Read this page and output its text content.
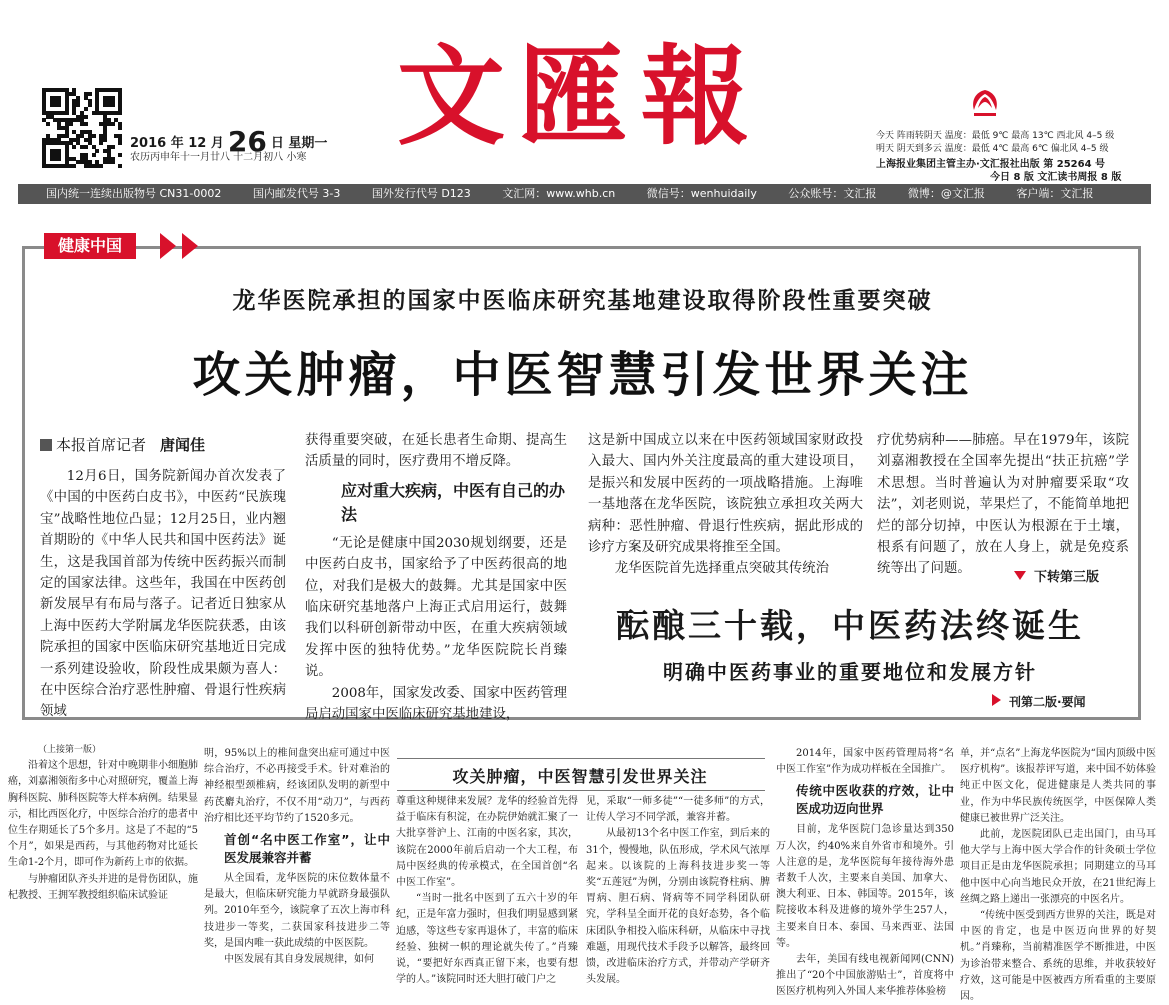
2016 年 12 月 26 日 星期一
农历丙申年十一月廿八 十二月初八 小寒 文匯報	今天 阵雨转阴天 温度：最低 9℃ 最高 13℃ 西北风 4–5 级
明天 阴天到多云 温度：最低 4℃ 最高 6℃ 偏北风 4–5 级
上海报业集团主管主办·文汇报社出版 第 25264 号
今日 8 版 文汇读书周报 8 版
国内统一连续出版物号 CN31-0002	国内邮发代号 3-3	国外发行代号 D123	文汇网：www.whb.cn	微信号：wenhuidaily	公众账号：文汇报	微博：@文汇报	客户端：文汇报
健康中国
龙华医院承担的国家中医临床研究基地建设取得阶段性重要突破
攻关肿瘤，中医智慧引发世界关注
本报首席记者 唐闻佳

12月6日，国务院新闻办首次发表了《中国的中医药白皮书》，中医药“民族瑰宝”战略性地位凸显；12月25日，业内翘首期盼的《中华人民共和国中医药法》诞生，这是我国首部为传统中医药振兴而制定的国家法律。这些年，我国在中医药创新发展早有布局与落子。记者近日独家从上海中医药大学附属龙华医院获悉，由该院承担的国家中医临床研究基地近日完成一系列建设验收，阶段性成果颇为喜人：在中医综合治疗恶性肿瘤、骨退行性疾病领域

获得重要突破，在延长患者生命期、提高生活质量的同时，医疗费用不增反降。

应对重大疾病，中医有自己的办法

“无论是健康中国2030规划纲要，还是中医药白皮书，国家给予了中医药很高的地位，对我们是极大的鼓舞。尤其是国家中医临床研究基地落户上海正式启用运行，鼓舞我们以科研创新带动中医，在重大疾病领域发挥中医的独特优势。”龙华医院院长肖臻说。

2008年，国家发改委、国家中医药管理局启动国家中医临床研究基地建设，

这是新中国成立以来在中医药领域国家财政投入最大、国内外关注度最高的重大建设项目，是振兴和发展中医药的一项战略措施。上海唯一基地落在龙华医院，该院独立承担攻关两大病种：恶性肿瘤、骨退行性疾病，据此形成的诊疗方案及研究成果将推至全国。

龙华医院首先选择重点突破其传统治

疗优势病种——肺癌。早在1979年，该院刘嘉湘教授在全国率先提出“扶正抗癌”学术思想。当时普遍认为对肿瘤要采取“攻法”，刘老则说，苹果烂了，不能简单地把烂的部分切掉，中医认为根源在于土壤，根系有问题了，放在人身上，就是免疫系统等出了问题。

下转第三版
酝酿三十载，中医药法终诞生
明确中医药事业的重要地位和发展方针
刊第二版·要闻
（上接第一版）

沿着这个思想，针对中晚期非小细胞肺癌，刘嘉湘领衔多中心对照研究，覆盖上海胸科医院、肺科医院等大样本病例。结果显示，相比西医化疗，中医综合治疗的患者中位生存期延长了5个多月。这是了不起的“5个月”，如果是西药，与其他药物对比延长生命1-2个月，即可作为新药上市的依据。

与肿瘤团队齐头并进的是骨伤团队，施杞教授、王拥军教授组织临床试验证

明，95%以上的椎间盘突出症可通过中医综合治疗，不必再接受手术。针对难治的神经根型颈椎病，经该团队发明的新型中药芪麝丸治疗，不仅不用“动刀”，与西药治疗相比还平均节约了1520多元。

首创“名中医工作室”，让中医发展兼容并蓄

从全国看，龙华医院的床位数体量不是最大，但临床研究能力早就跻身最强队列。2010年至今，该院拿了五次上海市科技进步一等奖，二获国家科技进步二等奖，是国内唯一获此成绩的中医医院。

中医发展有其自身发展规律，如何

攻关肿瘤，中医智慧引发世界关注

尊重这种规律来发展？龙华的经验首先得益于临床有积淀，在办院伊始就汇聚了一大批享誉沪上、江南的中医名家，其次，该院在2000年前后启动一个大工程，布局中医经典的传承模式，在全国首创“名中医工作室”。

“当时一批名中医到了五六十岁的年纪，正是年富力强时，但我们明显感到紧迫感，等这些专家再退休了，丰富的临床经验、独树一帜的理论就失传了。”肖臻说，“要把好东西真正留下来，也要有想学的人。”该院同时还大胆打破门户之

见，采取“一师多徒”“一徒多师”的方式，让传人学习不同学派，兼容并蓄。

从最初13个名中医工作室，到后来的31个，慢慢地，队伍形成，学术风气浓厚起来。以该院的上海科技进步奖一等奖“五莲冠”为例，分别由该院脊柱病、脾胃病、胆石病、肾病等不同学科团队研究，学科呈全面开花的良好态势，各个临床团队争相投入临床科研，从临床中寻找难题，用现代技术手段予以解答，最终回馈，改进临床治疗方式，并带动产学研齐头发展。

2014年，国家中医药管理局将“名中医工作室”作为成功样板在全国推广。

传统中医收获的疗效，让中医成功迈向世界

目前，龙华医院门急诊量达到350万人次，约40%来自外省市和境外。引人注意的是，龙华医院每年接待海外患者数千人次，主要来自美国、加拿大、澳大利亚、日本、韩国等。2015年，该院接收本科及进修的境外学生257人，主要来自日本、泰国、马来西亚、法国等。

去年，美国有线电视新闻网(CNN)推出了“20个中国旅游贴士”，首度将中医医疗机构列入外国人来华推荐体验榜

单，并“点名”上海龙华医院为“国内顶级中医医疗机构”。该报荐评写道，来中国不妨体验纯正中医文化，促进健康是人类共同的事业，作为中华民族传统医学，中医保障人类健康已被世界广泛关注。

此前，龙医院团队已走出国门，由马耳他大学与上海中医大学合作的针灸硕士学位项目正是由龙华医院承担；同期建立的马耳他中医中心向当地民众开放，在21世纪海上丝绸之路上递出一张漂亮的中医名片。

“传统中医受到西方世界的关注，既是对中医的肯定，也是中医迈向世界的好契机。”肖臻称，当前精准医学不断推进，中医为诊治带来整合、系统的思维，并收获较好疗效，这可能是中医被西方所看重的主要原因。
